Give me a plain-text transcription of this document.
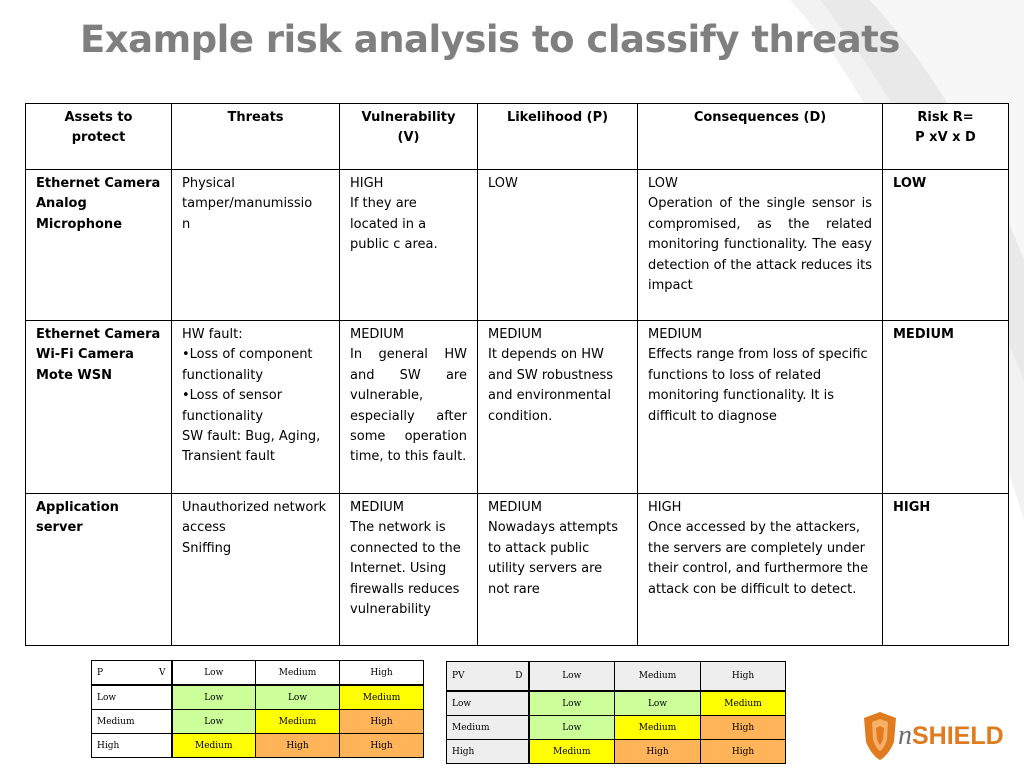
Example risk analysis to classify threats
Assets to protect	Threats	Vulnerability (V)	Likelihood (P)	Consequences (D)	Risk R=
P xV x D

Ethernet Camera
Analog
Microphone	Physical
tamper/manumissio
n	HIGH
If they are
located in a
public c area.	LOW	LOW
Operation of the single sensor is compromised, as the related monitoring functionality. The easy detection of the attack reduces its impact	LOW

Ethernet Camera
Wi-Fi Camera
Mote WSN	HW fault:
• Loss of component functionality
• Loss of sensor functionality
SW fault: Bug, Aging, Transient fault	MEDIUM
In general HW and SW are vulnerable, especially after some operation time, to this fault.	MEDIUM
It depends on HW and SW robustness and environmental condition.	MEDIUM
Effects range from loss of specific functions to loss of related monitoring functionality. It is difficult to diagnose	MEDIUM

Application
server	Unauthorized network access
Sniffing	MEDIUM
The network is connected to the Internet. Using firewalls reduces vulnerability	MEDIUM
Nowadays attempts to attack public utility servers are not rare	HIGH
Once accessed by the attackers, the servers are completely under their control, and furthermore the attack con be difficult to detect.	HIGH
P V	Low	Medium	High
Low	Low	Low	Medium
Medium	Low	Medium	High
High	Medium	High	High
PV D	Low	Medium	High
Low	Low	Low	Medium
Medium	Low	Medium	High
High	Medium	High	High
nSHIELD
